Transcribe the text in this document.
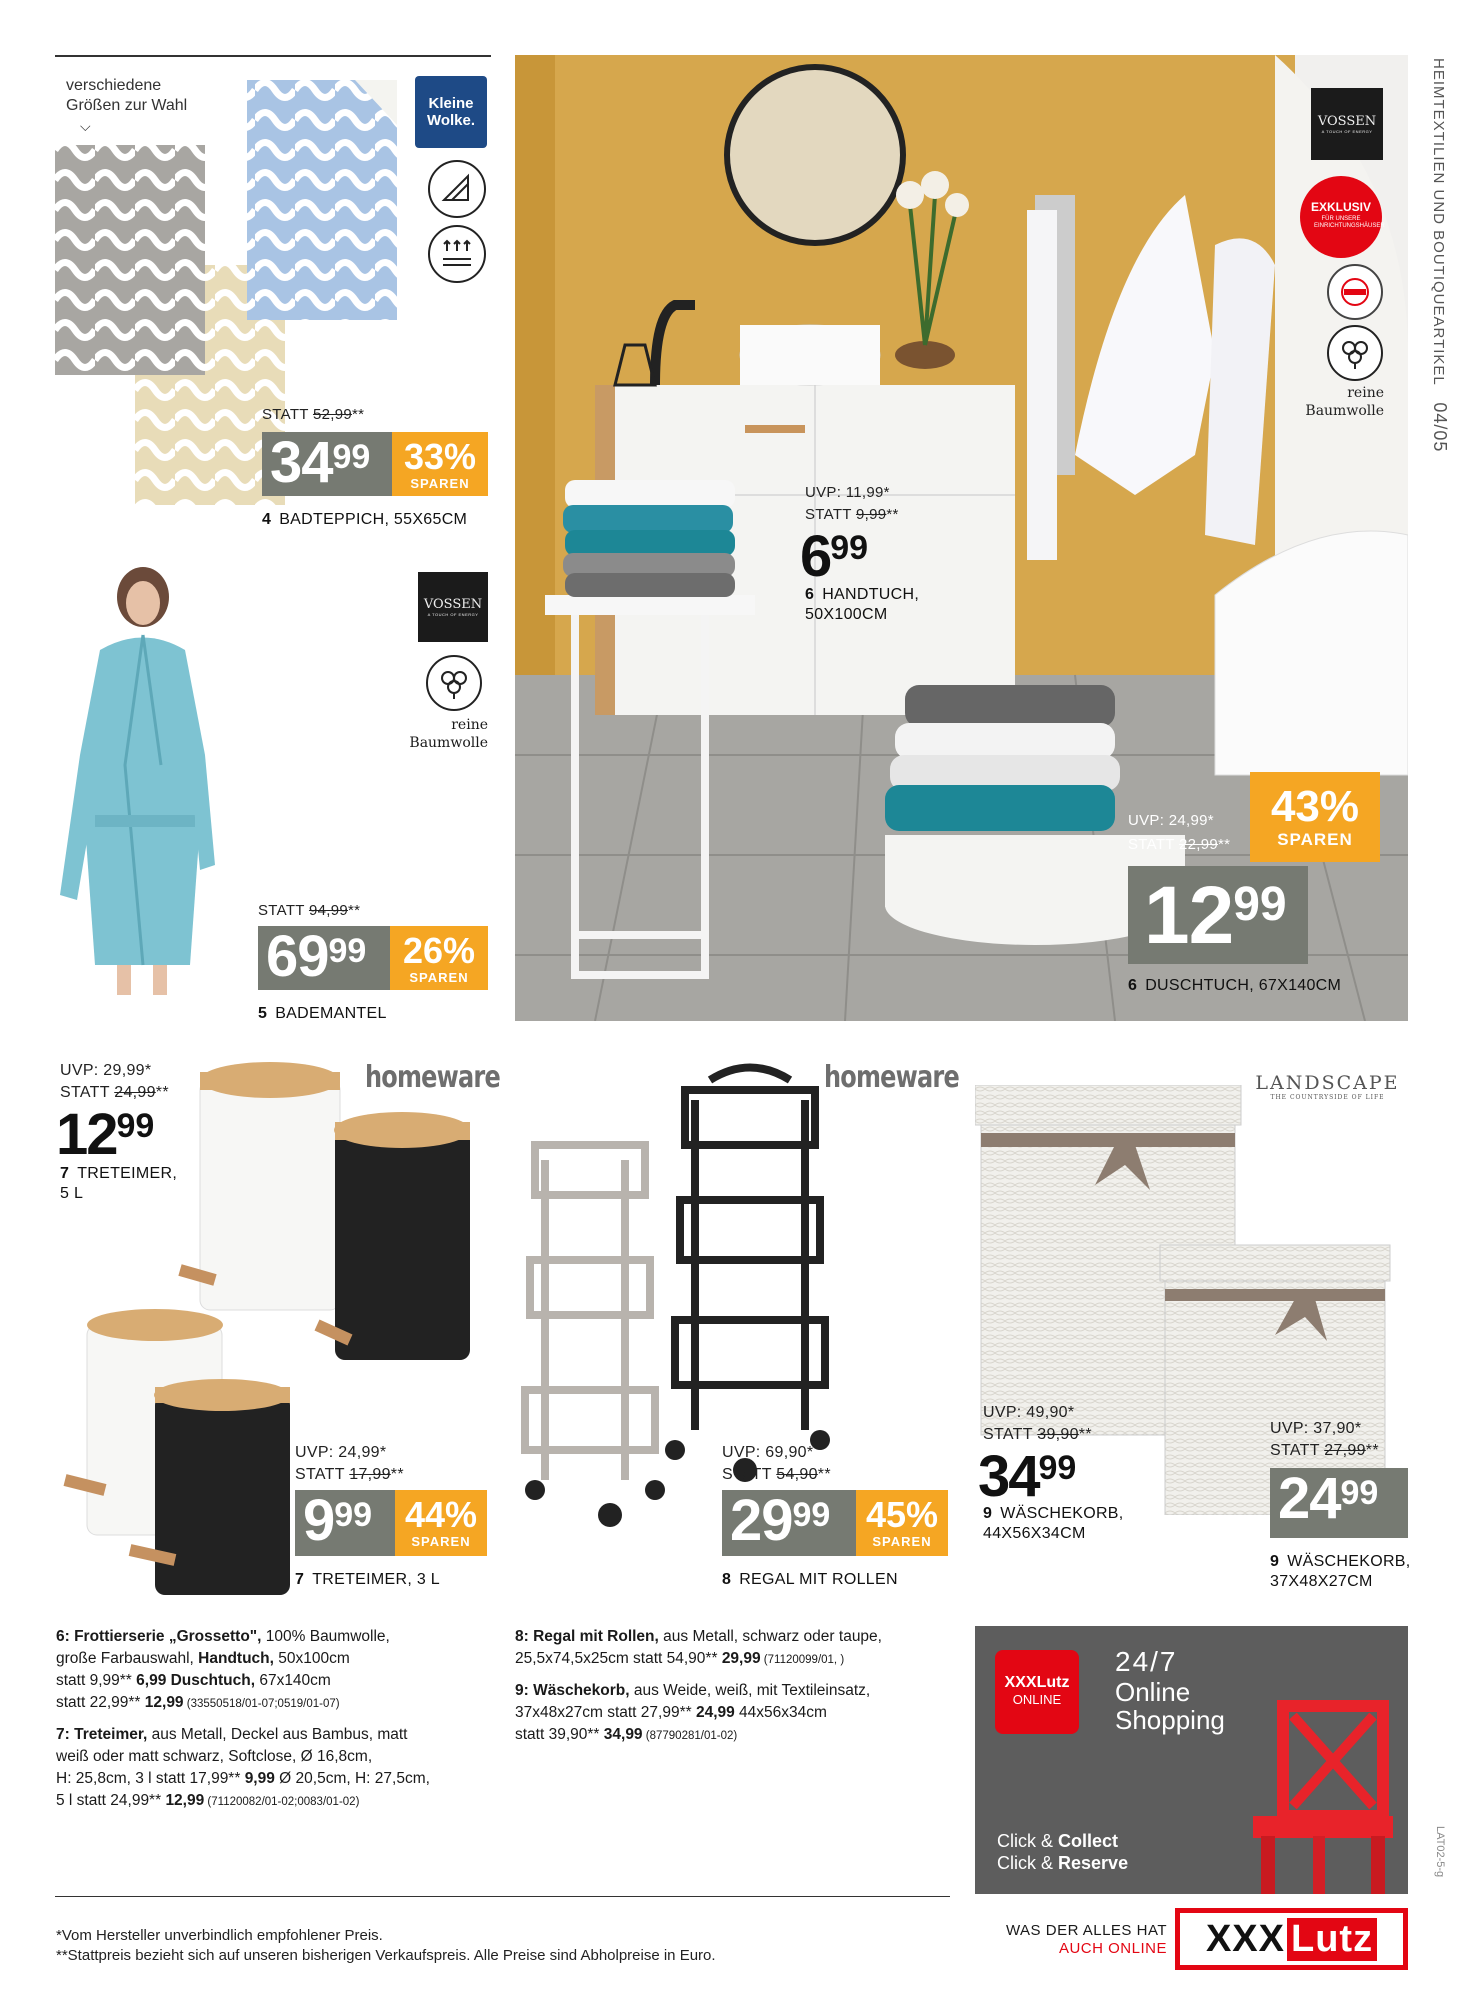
HEIMTEXTILIEN UND BOUTIQUEARTIKEL 04/05
LAT02-5-g
verschiedene
Größen zur Wahl
⌵
Kleine
Wolke.
STATT 52,99**
34 99 33%
SPAREN
4 BADTEPPICH, 55X65CM
VOSSEN
A TOUCH OF ENERGY
reine
Baumwolle
STATT 94,99**
69 99	26%
SPAREN
5 BADEMANTEL
VOSSEN
A TOUCH OF ENERGY
EXKLUSIV
FÜR UNSERE EINRICHTUNGSHÄUSER
reine
Baumwolle
UVP: 11,99*
STATT 9,99**
6 99
6 HANDTUCH,
50X100CM
UVP: 24,99*
STATT 22,99**
43%
SPAREN
12 99
6 DUSCHTUCH, 67X140CM
UVP: 29,99*
STATT 24,99**
12 99
7 TRETEIMER,
5 L
homeware
UVP: 24,99*
STATT 17,99**
9 99 44%
SPAREN
7 TRETEIMER, 3 L
homeware
UVP: 69,90*
STATT 54,90**
29 99 45%
SPAREN
8 REGAL MIT ROLLEN
LANDSCAPE
THE COUNTRYSIDE OF LIFE
UVP: 49,90*
STATT 39,90**
34 99
9 WÄSCHEKORB,
44X56X34CM
UVP: 37,90*
STATT 27,99**
24 99
9 WÄSCHEKORB,
37X48X27CM
6: Frottierserie „Grossetto", 100% Baumwolle,
große Farbauswahl, Handtuch, 50x100cm
statt 9,99** 6,99 Duschtuch, 67x140cm
statt 22,99** 12,99 (33550518/01-07;0519/01-07)
7: Treteimer, aus Metall, Deckel aus Bambus, matt
weiß oder matt schwarz, Softclose, Ø 16,8cm,
H: 25,8cm, 3 l statt 17,99** 9,99 Ø 20,5cm, H: 27,5cm,
5 l statt 24,99** 12,99 (71120082/01-02;0083/01-02)
8: Regal mit Rollen, aus Metall, schwarz oder taupe,
25,5x74,5x25cm statt 54,90** 29,99 (71120099/01, )
9: Wäschekorb, aus Weide, weiß, mit Textileinsatz,
37x48x27cm statt 27,99** 24,99 44x56x34cm
statt 39,90** 34,99 (87790281/01-02)
XXXLutz
ONLINE
24/7
Online
Shopping
Click & Collect
Click & Reserve
*Vom Hersteller unverbindlich empfohlener Preis.
**Stattpreis bezieht sich auf unseren bisherigen Verkaufspreis. Alle Preise sind Abholpreise in Euro.
WAS DER ALLES HAT
AUCH ONLINE XXX Lutz
